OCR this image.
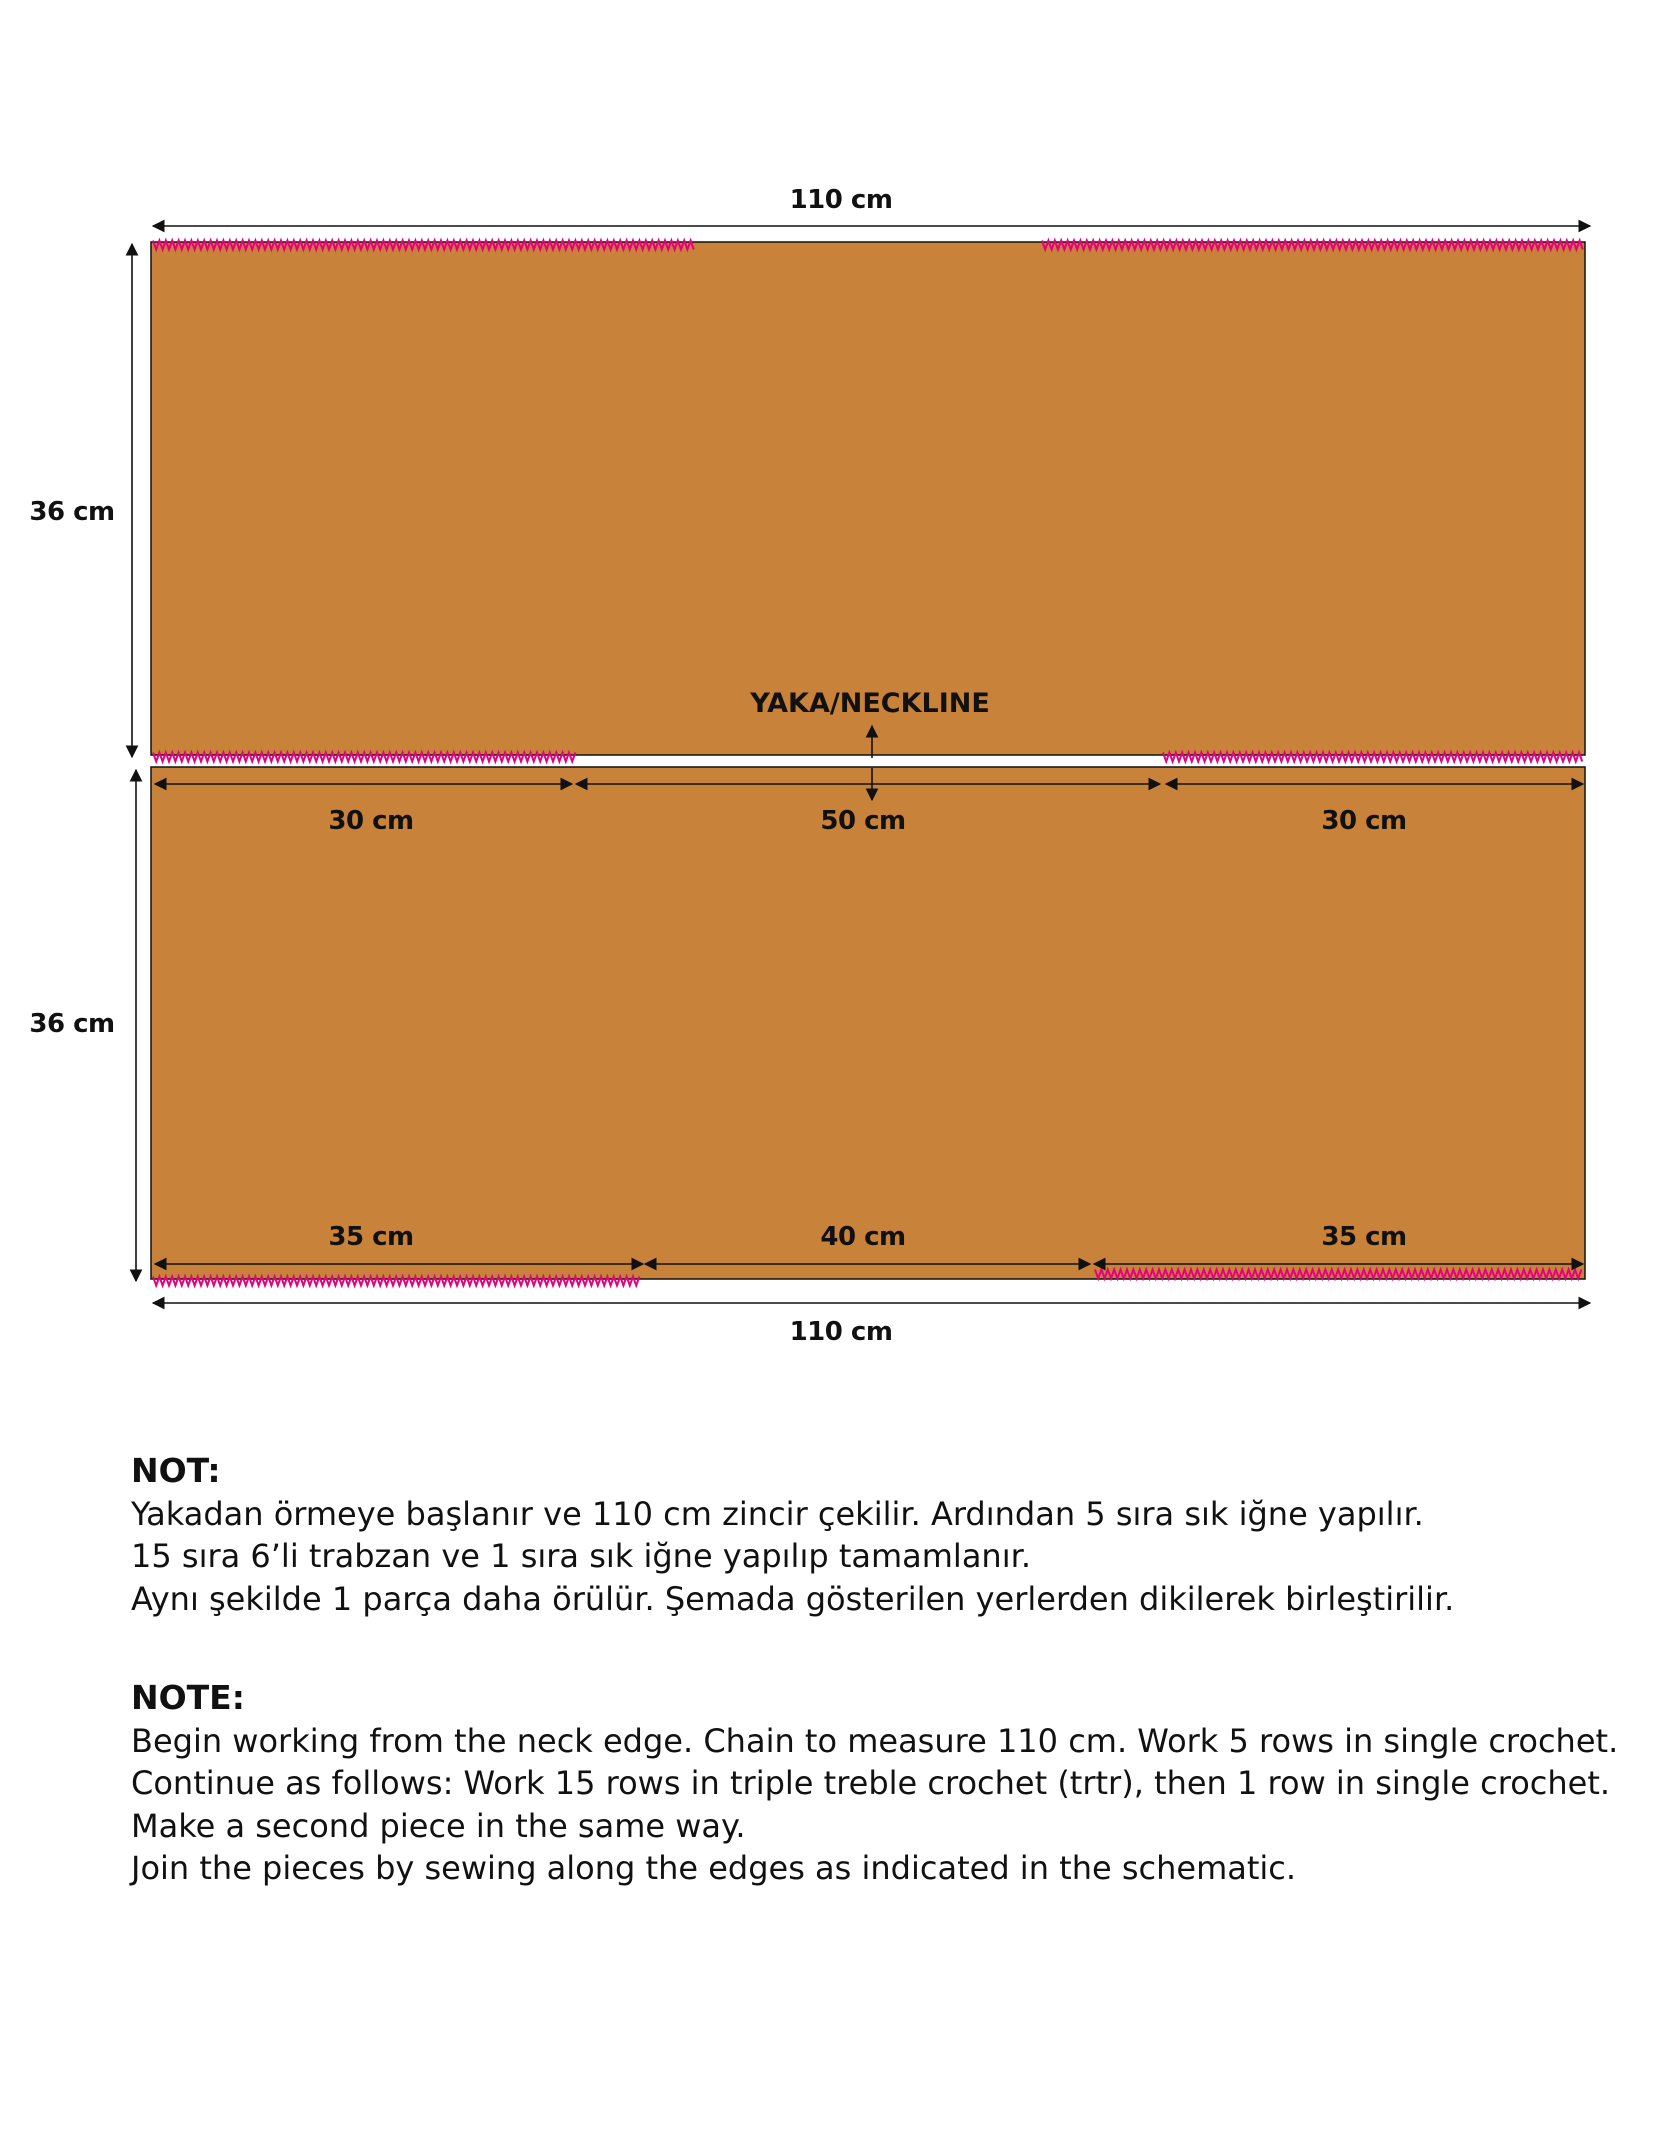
110 cm
36 cm
36 cm
YAKA/NECKLINE
30 cm	50 cm	30 cm
35 cm	40 cm	35 cm
110 cm

NOT:

Yakadan örmeye başlanır ve 110 cm zincir çekilir. Ardından 5 sıra sık iğne yapılır.

15 sıra 6’li trabzan ve 1 sıra sık iğne yapılıp tamamlanır.

Aynı şekilde 1 parça daha örülür. Şemada gösterilen yerlerden dikilerek birleştirilir.

NOTE:

Begin working from the neck edge. Chain to measure 110 cm. Work 5 rows in single crochet.

Continue as follows: Work 15 rows in triple treble crochet (trtr), then 1 row in single crochet.

Make a second piece in the same way.

Join the pieces by sewing along the edges as indicated in the schematic.
